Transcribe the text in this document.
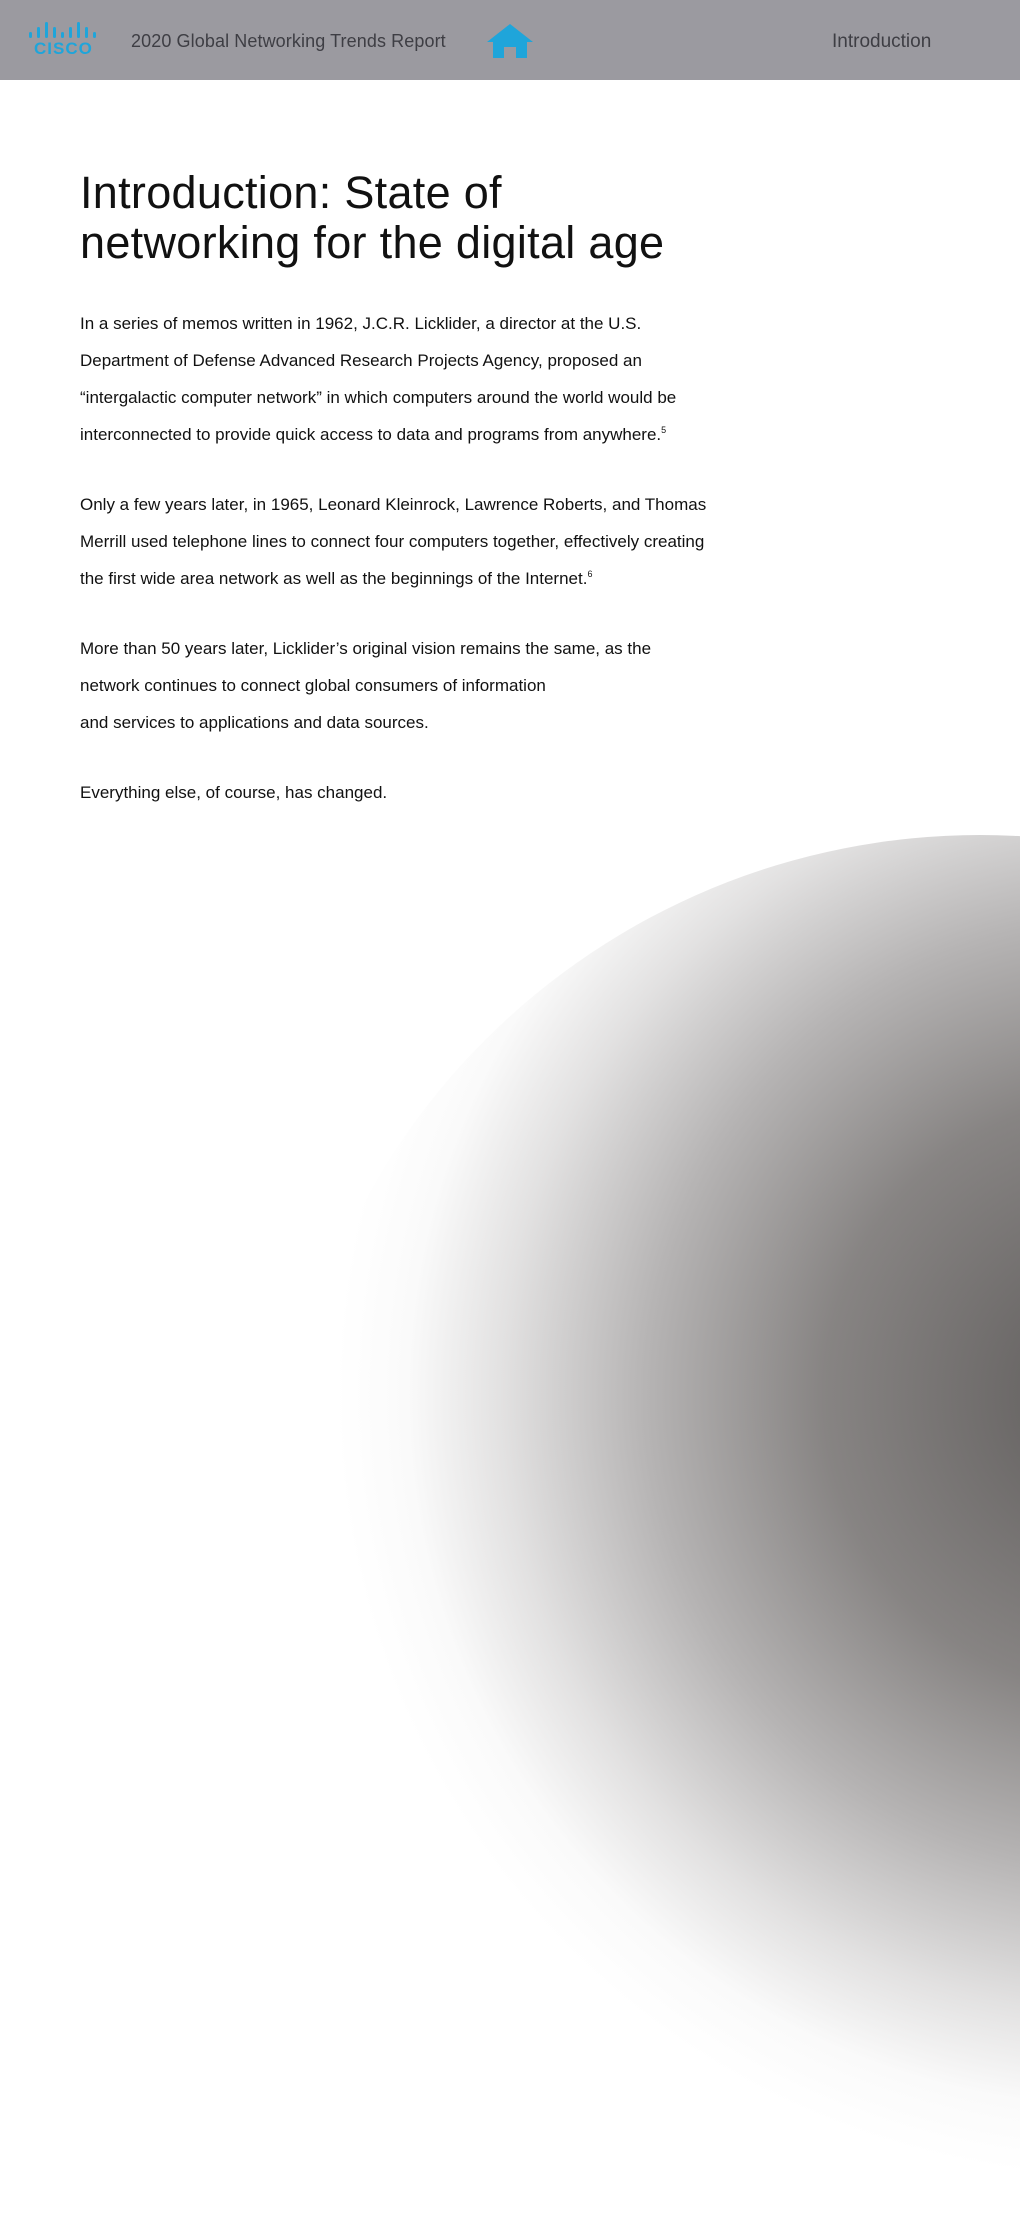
CISCO 2020 Global Networking Trends Report	Introduction
Introduction: State of
networking for the digital age

In a series of memos written in 1962, J.C.R. Licklider, a director at the U.S.
Department of Defense Advanced Research Projects Agency, proposed an
“intergalactic computer network” in which computers around the world would be
interconnected to provide quick access to data and programs from anywhere.$^5$

Only a few years later, in 1965, Leonard Kleinrock, Lawrence Roberts, and Thomas
Merrill used telephone lines to connect four computers together, effectively creating
the first wide area network as well as the beginnings of the Internet.$^6$

More than 50 years later, Licklider’s original vision remains the same, as the
network continues to connect global consumers of information
and services to applications and data sources.

Everything else, of course, has changed.
